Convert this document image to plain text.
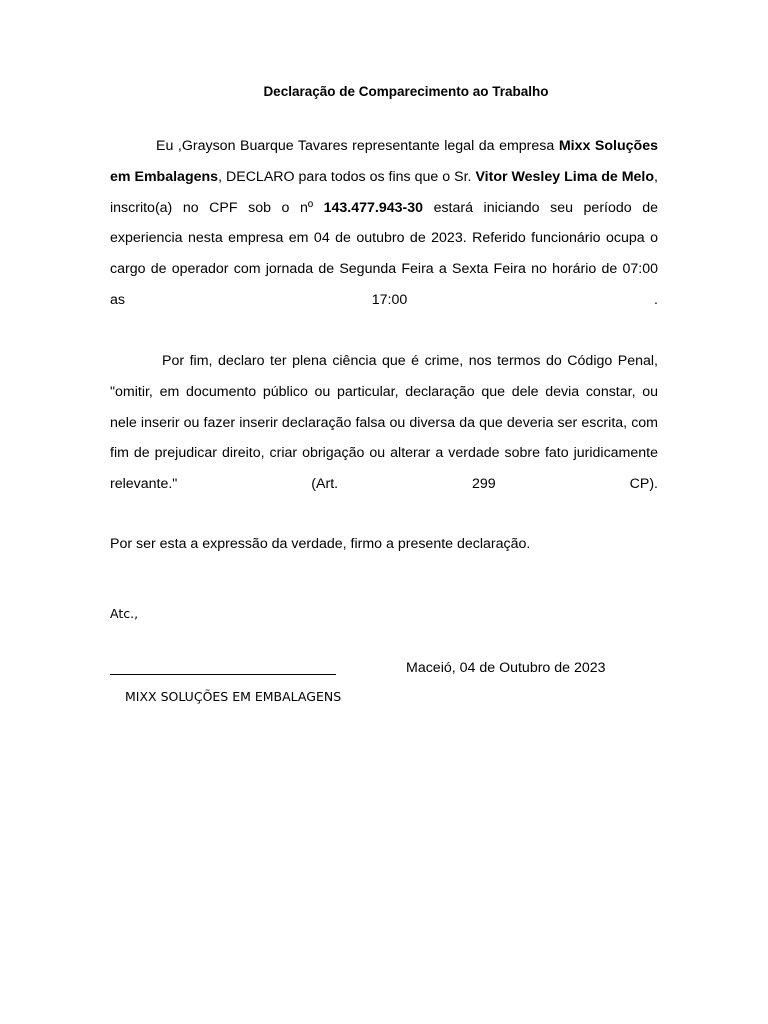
Declaração de Comparecimento ao Trabalho
Eu ,Grayson Buarque Tavares representante legal da empresa Mixx Soluções em Embalagens, DECLARO para todos os fins que o Sr. Vitor Wesley Lima de Melo, inscrito(a) no CPF sob o nº 143.477.943-30 estará iniciando seu período de experiencia nesta empresa em 04 de outubro de 2023. Referido funcionário ocupa o cargo de operador com jornada de Segunda Feira a Sexta Feira no horário de 07:00 as 17:00 .
Por fim, declaro ter plena ciência que é crime, nos termos do Código Penal, "omitir, em documento público ou particular, declaração que dele devia constar, ou nele inserir ou fazer inserir declaração falsa ou diversa da que deveria ser escrita, com fim de prejudicar direito, criar obrigação ou alterar a verdade sobre fato juridicamente relevante." (Art. 299 CP).
Por ser esta a expressão da verdade, firmo a presente declaração.
Atc.,
MIXX SOLUÇÕES EM EMBALAGENS
Maceió, 04 de Outubro de 2023
